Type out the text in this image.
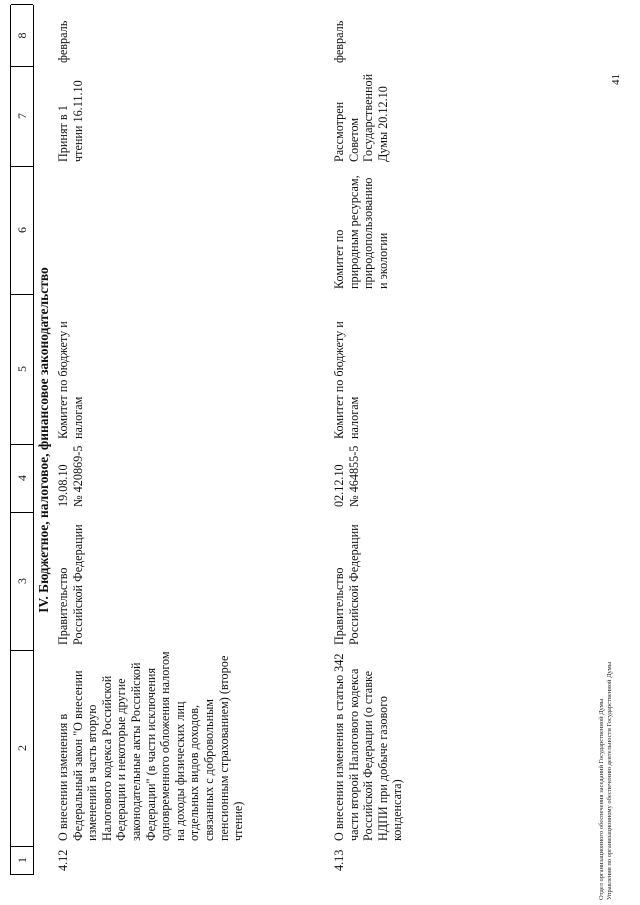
1
2
3
4
5
6
7
8
IV. Бюджетное, налоговое, финансовое законодательство
4.12
О внесении изменения в Федеральный закон "О внесении изменений в часть вторую Налогового кодекса Российской Федерации и некоторые другие законодательные акты Российской Федерации" (в части исключения одновременного обложения налогом на доходы физических лиц отдельных видов доходов, связанных с добровольным пенсионным страхованием) (второе чтение)
Правительство Российской Федерации
19.08.10 № 420869-5
Комитет по бюджету и налогам
Принят в 1 чтении 16.11.10
февраль
4.13
О внесении изменения в статью 342 части второй Налогового кодекса Российской Федерации (о ставке НДПИ при добыче газового конденсата)
Правительство Российской Федерации
02.12.10 № 464855-5
Комитет по бюджету и налогам
Комитет по природным ресурсам, природопользованию и экологии
Рассмотрен Советом Государственной Думы 20.12.10
февраль
Отдел организационного обеспечения заседаний Государственной Думы Управления по организационному обеспечению деятельности Государственной Думы
41
